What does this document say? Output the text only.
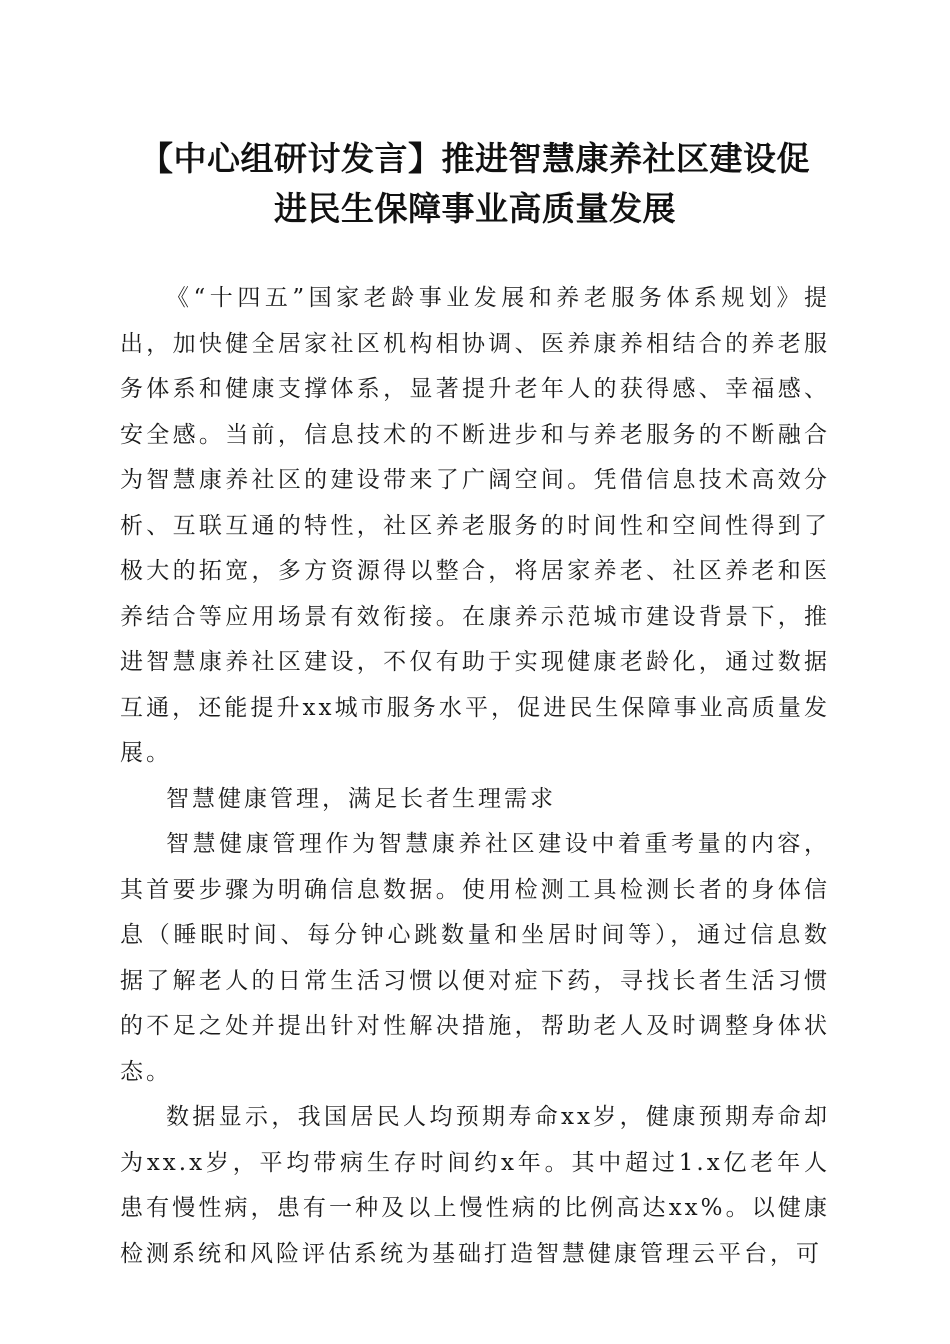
【中心组研讨发言】推进智慧康养社区建设促
进民生保障事业高质量发展

《“十四五”国家老龄事业发展和养老服务体系规划》提出，加快健全居家社区机构相协调、医养康养相结合的养老服务体系和健康支撑体系，显著提升老年人的获得感、幸福感、安全感。当前，信息技术的不断进步和与养老服务的不断融合为智慧康养社区的建设带来了广阔空间。凭借信息技术高效分析、互联互通的特性，社区养老服务的时间性和空间性得到了极大的拓宽，多方资源得以整合，将居家养老、社区养老和医养结合等应用场景有效衔接。在康养示范城市建设背景下，推进智慧康养社区建设，不仅有助于实现健康老龄化，通过数据互通，还能提升xx城市服务水平，促进民生保障事业高质量发展。

智慧健康管理，满足长者生理需求

智慧健康管理作为智慧康养社区建设中着重考量的内容，其首要步骤为明确信息数据。使用检测工具检测长者的身体信息（睡眠时间、每分钟心跳数量和坐居时间等），通过信息数据了解老人的日常生活习惯以便对症下药，寻找长者生活习惯的不足之处并提出针对性解决措施，帮助老人及时调整身体状态。

数据显示，我国居民人均预期寿命xx岁，健康预期寿命却为xx.x岁，平均带病生存时间约x年。其中超过1.x亿老年人患有慢性病，患有一种及以上慢性病的比例高达xx%。以健康检测系统和风险评估系统为基础打造智慧健康管理云平台，可
